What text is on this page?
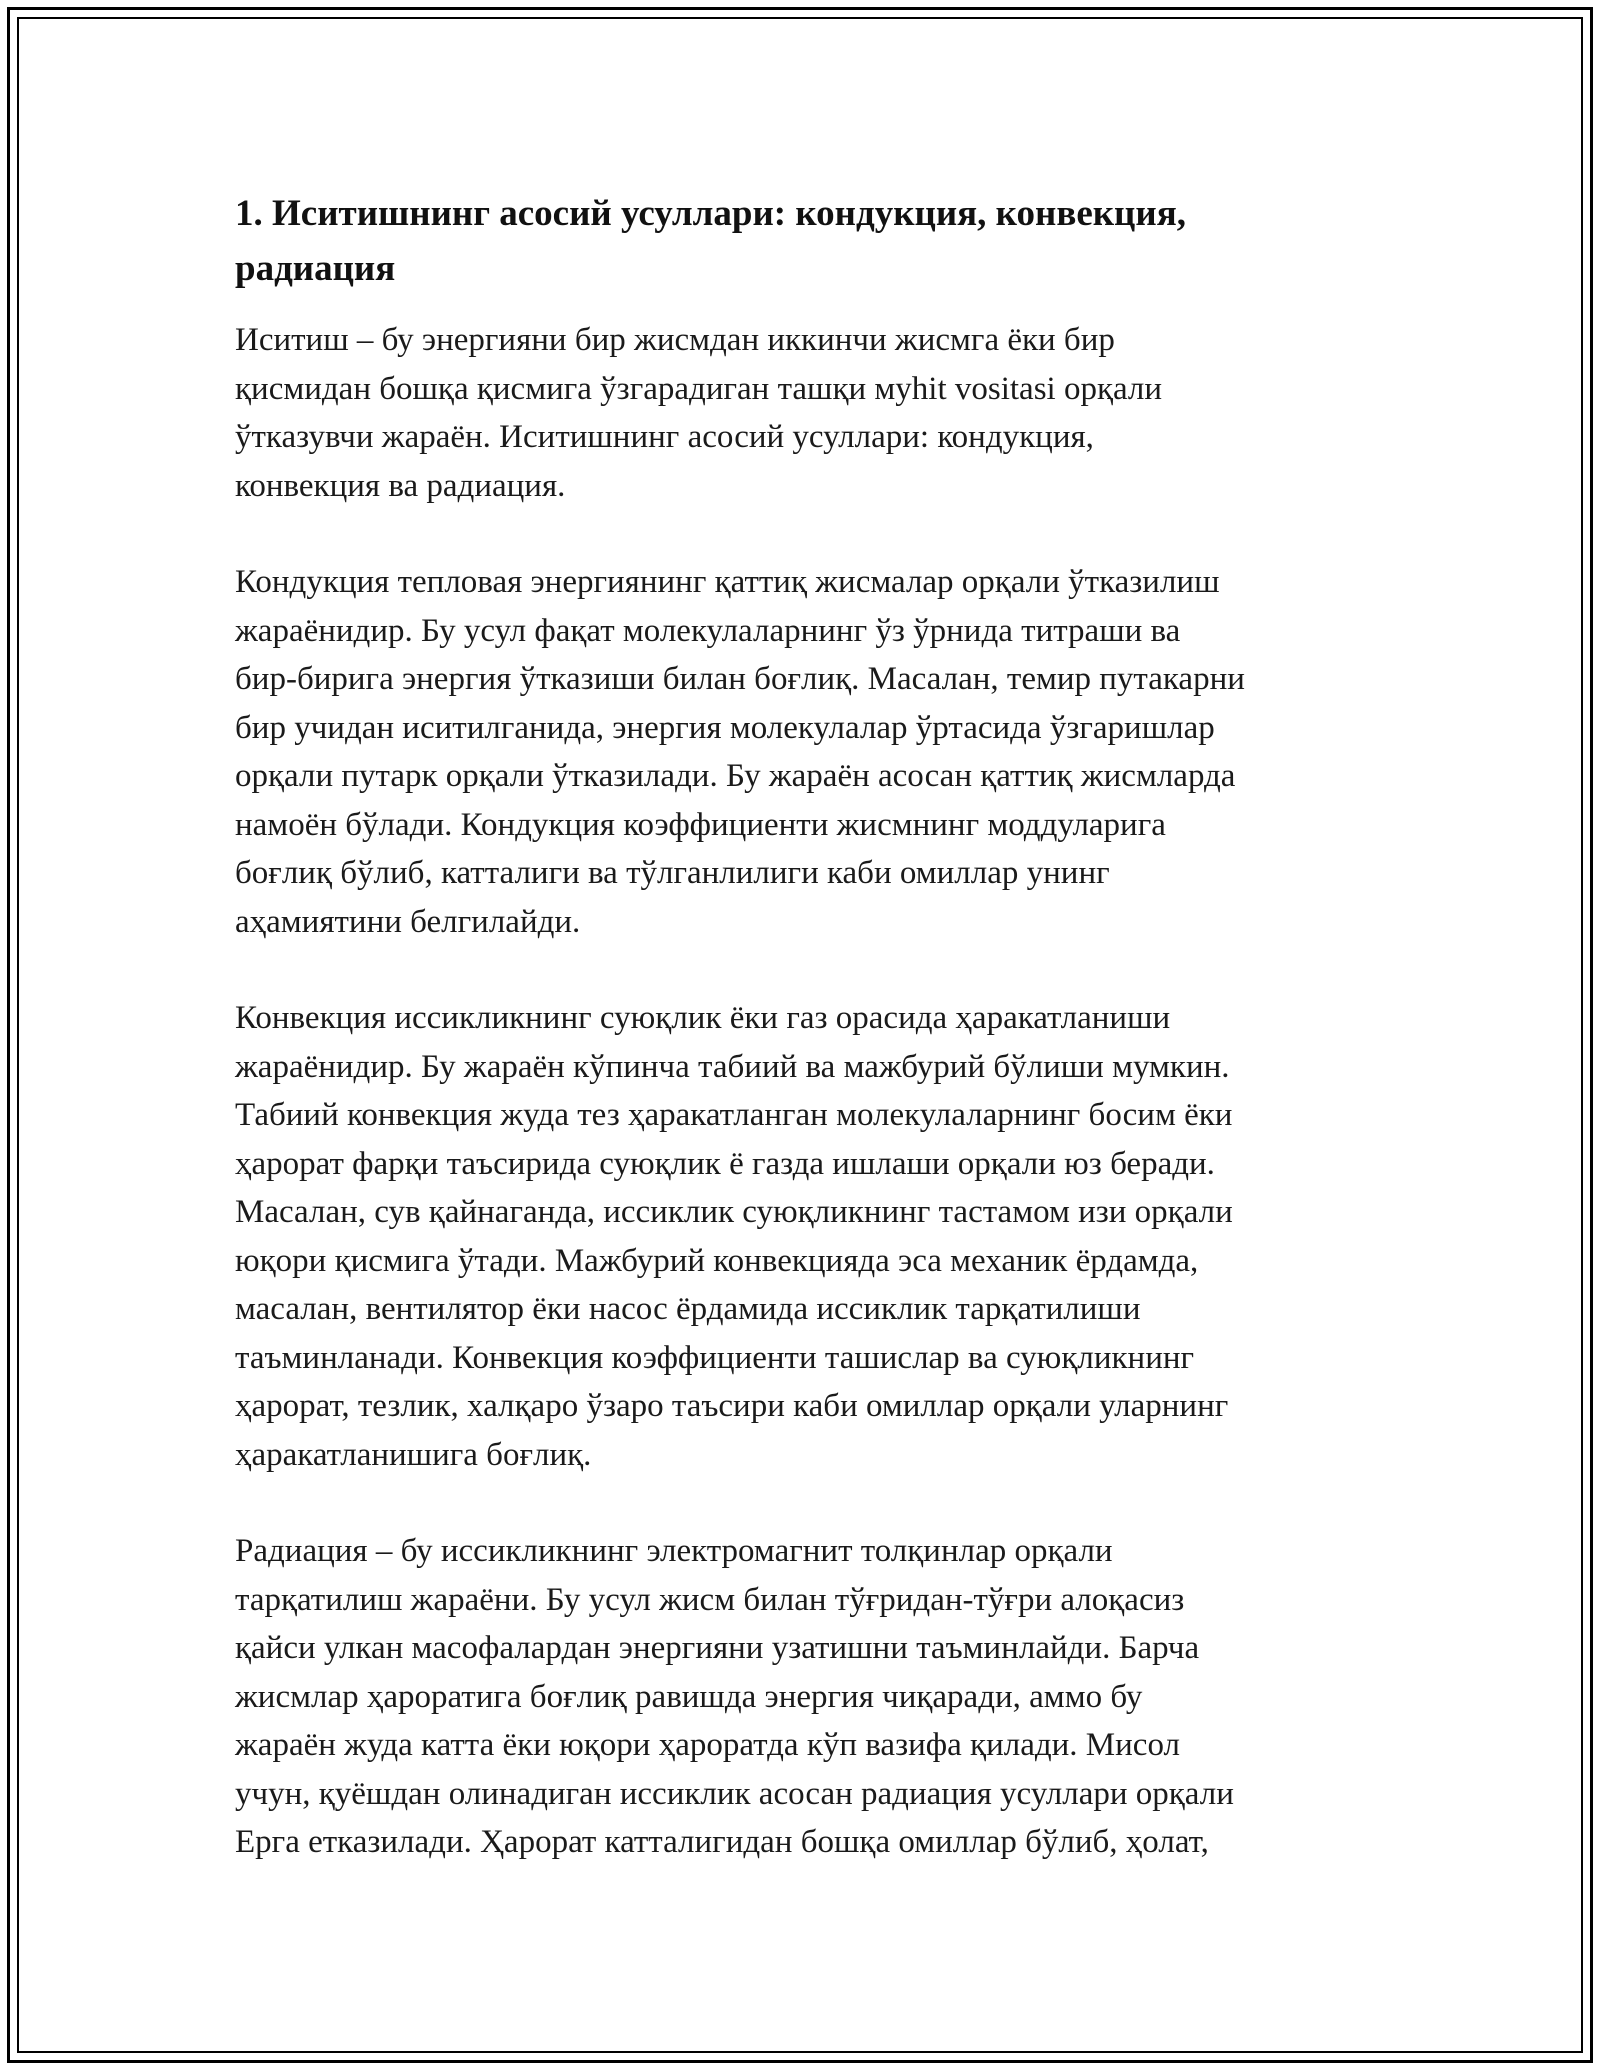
1. Иситишнинг асосий усуллари: кондукция, конвекция,
радиация

Иситиш – бу энергияни бир жисмдан иккинчи жисмга ёки бир
қисмидан бошқа қисмига ўзгарадиган ташқи муhit vositasi орқали
ўтказувчи жараён. Иситишнинг асосий усуллари: кондукция,
конвекция ва радиация.

Кондукция тепловая энергиянинг қаттиқ жисмалар орқали ўтказилиш
жараёнидир. Бу усул фақат молекулаларнинг ўз ўрнида титраши ва
бир-бирига энергия ўтказиши билан боғлиқ. Масалан, темир путакарни
бир учидан иситилганида, энергия молекулалар ўртасида ўзгаришлар
орқали путарк орқали ўтказилади. Бу жараён асосан қаттиқ жисмларда
намоён бўлади. Кондукция коэффициенти жисмнинг моддуларига
боғлиқ бўлиб, катталиги ва тўлганлилиги каби омиллар унинг
аҳамиятини белгилайди.

Конвекция иссикликнинг суюқлик ёки газ орасида ҳаракатланиши
жараёнидир. Бу жараён кўпинча табиий ва мажбурий бўлиши мумкин.
Табиий конвекция жуда тез ҳаракатланган молекулаларнинг босим ёки
ҳарорат фарқи таъсирида суюқлик ё газда ишлаши орқали юз беради.
Масалан, сув қайнаганда, иссиклик суюқликнинг тастамом изи орқали
юқори қисмига ўтади. Мажбурий конвекцияда эса механик ёрдамда,
масалан, вентилятор ёки насос ёрдамида иссиклик тарқатилиши
таъминланади. Конвекция коэффициенти ташислар ва суюқликнинг
ҳарорат, тезлик, халқаро ўзаро таъсири каби омиллар орқали уларнинг
ҳаракатланишига боғлиқ.

Радиация – бу иссикликнинг электромагнит толқинлар орқали
тарқатилиш жараёни. Бу усул жисм билан тўғридан-тўғри алоқасиз
қайси улкан масофалардан энергияни узатишни таъминлайди. Барча
жисмлар ҳароратига боғлиқ равишда энергия чиқаради, аммо бу
жараён жуда катта ёки юқори ҳароратда кўп вазифа қилади. Мисол
учун, қуёшдан олинадиган иссиклик асосан радиация усуллари орқали
Ерга етказилади. Ҳарорат катталигидан бошқа омиллар бўлиб, ҳолат,
